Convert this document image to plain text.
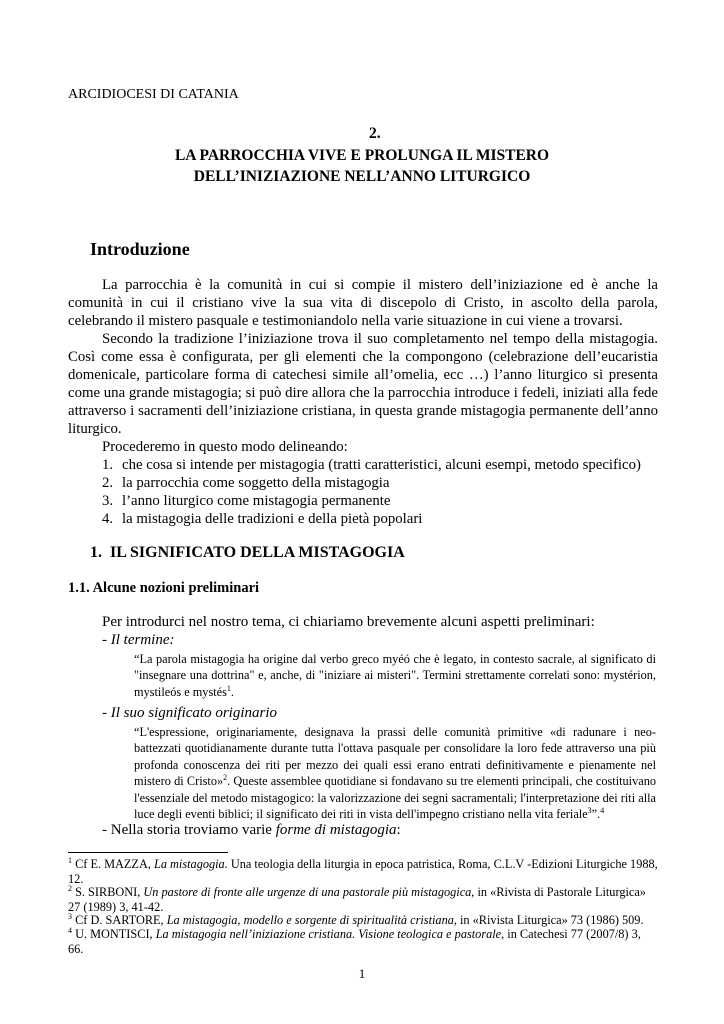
ARCIDIOCESI DI CATANIA
2.
LA PARROCCHIA VIVE E PROLUNGA IL MISTERO
DELL’INIZIAZIONE NELL’ANNO LITURGICO
Introduzione

La parrocchia è la comunità in cui si compie il mistero dell’iniziazione ed è anche la comunità in cui il cristiano vive la sua vita di discepolo di Cristo, in ascolto della parola, celebrando il mistero pasquale e testimoniandolo nella varie situazione in cui viene a trovarsi.

Secondo la tradizione l’iniziazione trova il suo completamento nel tempo della mistagogia. Così come essa è configurata, per gli elementi che la compongono (celebrazione dell’eucaristia domenicale, particolare forma di catechesi simile all’omelia, ecc …) l’anno liturgico si presenta come una grande mistagogia; si può dire allora che la parrocchia introduce i fedeli, iniziati alla fede attraverso i sacramenti dell’iniziazione cristiana, in questa grande mistagogia permanente dell’anno liturgico.

Procederemo in questo modo delineando:

1. che cosa si intende per mistagogia (tratti caratteristici, alcuni esempi, metodo specifico)
2. la parrocchia come soggetto della mistagogia
3. l’anno liturgico come mistagogia permanente
4. la mistagogia delle tradizioni e della pietà popolari
1. IL SIGNIFICATO DELLA MISTAGOGIA
1.1. Alcune nozioni preliminari
Per introdurci nel nostro tema, ci chiariamo brevemente alcuni aspetti preliminari:
- Il termine:
“La parola mistagogia ha origine dal verbo greco myéó che è legato, in contesto sacrale, al significato di "insegnare una dottrina" e, anche, di "iniziare ai misteri". Termini strettamente correlati sono: mystérion, mystileós e mystés$^1$.
- Il suo significato originario
“L'espressione, originariamente, designava la prassi delle comunità primitive «di radunare i neo-battezzati quotidianamente durante tutta l'ottava pasquale per consolidare la loro fede attraverso una più profonda conoscenza dei riti per mezzo dei quali essi erano entrati definitivamente e pienamente nel mistero di Cristo»$^2$. Queste assemblee quotidiane si fondavano su tre elementi principali, che costituivano l'essenziale del metodo mistagogico: la valorizzazione dei segni sacramentali; l'interpretazione dei riti alla luce degli eventi biblici; il significato dei riti in vista dell'impegno cristiano nella vita feriale$^3$”.$^4$
- Nella storia troviamo varie forme di mistagogia:
$^1$ Cf E. MAZZA, La mistagogia. Una teologia della liturgia in epoca patristica, Roma, C.L.V -Edizioni Liturgiche 1988, 12.
$^2$ S. SIRBONI, Un pastore di fronte alle urgenze di una pastorale più mistagogica, in «Rivista di Pastorale Liturgica» 27 (1989) 3, 41-42.
$^3$ Cf D. SARTORE, La mistagogia, modello e sorgente di spiritualità cristiana, in «Rivista Liturgica» 73 (1986) 509.
$^4$ U. MONTISCI, La mistagogia nell’iniziazione cristiana. Visione teologica e pastorale, in Catechesi 77 (2007/8) 3, 66.
1
